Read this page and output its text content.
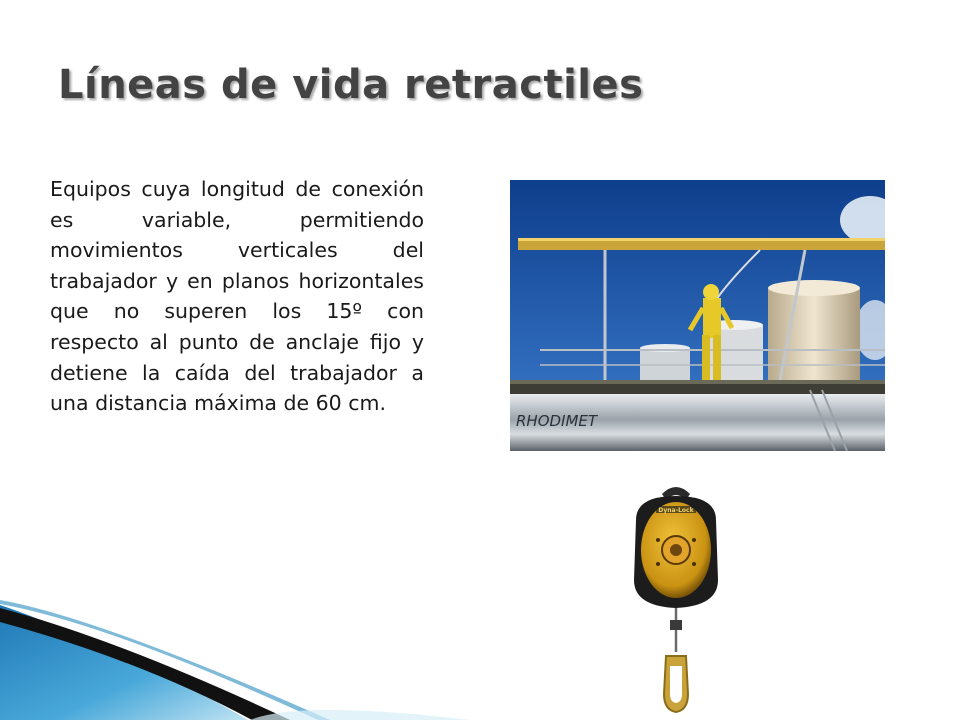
Líneas de vida retractiles

Equipos cuya longitud de conexión es variable, permitiendo movimientos verticales del trabajador y en planos horizontales que no superen los 15º con respecto al punto de anclaje fijo y detiene la caída del trabajador a una distancia máxima de 60 cm.

RHODIMET
Dyna-Lock
